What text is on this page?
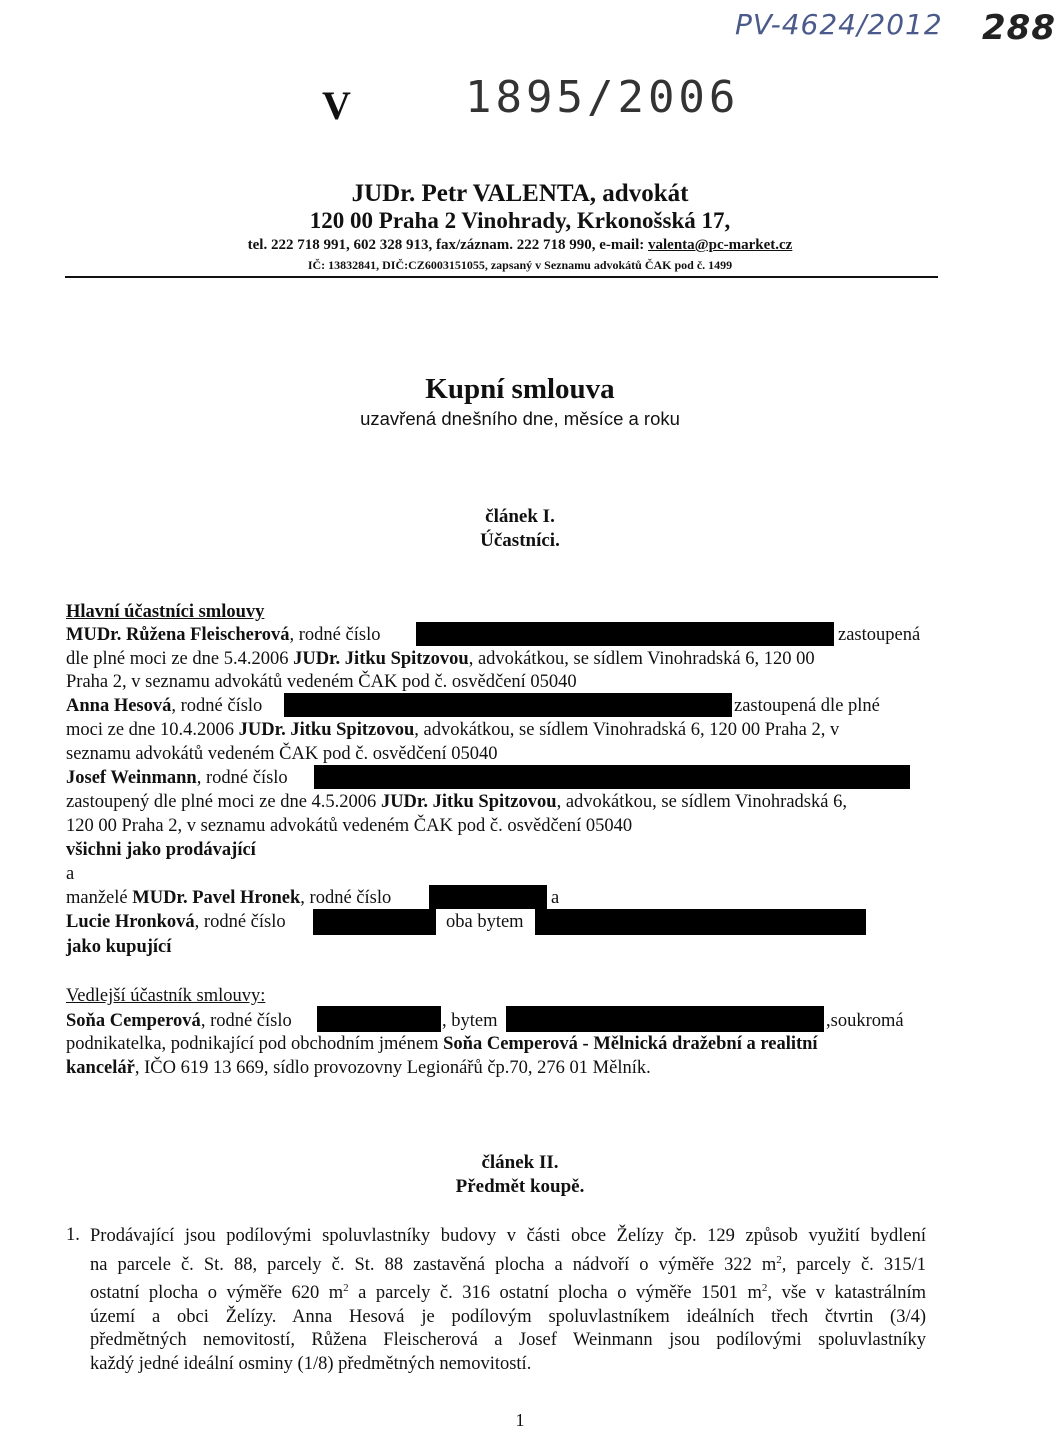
PV-4624/2012 288
V	1895/2006
JUDr. Petr VALENTA, advokát
120 00 Praha 2 Vinohrady, Krkonošská 17,
tel. 222 718 991, 602 328 913, fax/záznam. 222 718 990, e-mail: valenta@pc-market.cz
IČ: 13832841, DIČ:CZ6003151055, zapsaný v Seznamu advokátů ČAK pod č. 1499
Kupní smlouva
uzavřená dnešního dne, měsíce a roku
článek I.
Účastníci.
Hlavní účastníci smlouvy
MUDr. Růžena Fleischerová, rodné číslo	zastoupená
dle plné moci ze dne 5.4.2006 JUDr. Jitku Spitzovou, advokátkou, se sídlem Vinohradská 6, 120 00
Praha 2, v seznamu advokátů vedeném ČAK pod č. osvědčení 05040
Anna Hesová, rodné číslo	zastoupená dle plné
moci ze dne 10.4.2006 JUDr. Jitku Spitzovou, advokátkou, se sídlem Vinohradská 6, 120 00 Praha 2, v
seznamu advokátů vedeném ČAK pod č. osvědčení 05040
Josef Weinmann, rodné číslo
zastoupený dle plné moci ze dne 4.5.2006 JUDr. Jitku Spitzovou, advokátkou, se sídlem Vinohradská 6,
120 00 Praha 2, v seznamu advokátů vedeném ČAK pod č. osvědčení 05040
všichni jako prodávající
a
manželé MUDr. Pavel Hronek, rodné číslo	a
Lucie Hronková, rodné číslo	oba bytem
jako kupující
Vedlejší účastník smlouvy:
Soňa Cemperová, rodné číslo	, bytem	,soukromá
podnikatelka, podnikající pod obchodním jménem Soňa Cemperová - Mělnická dražební a realitní
kancelář, IČO 619 13 669, sídlo provozovny Legionářů čp.70, 276 01 Mělník.
článek II.
Předmět koupě.
1. Prodávající jsou podílovými spoluvlastníky budovy v části obce Želízy čp. 129 způsob využití bydlení
na parcele č. St. 88, parcely č. St. 88 zastavěná plocha a nádvoří o výměře 322 $m^2$, parcely č. 315/1
ostatní plocha o výměře 620 $m^2$ a parcely č. 316 ostatní plocha o výměře 1501 $m^2$, vše v katastrálním
území a obci Želízy. Anna Hesová je podílovým spoluvlastníkem ideálních třech čtvrtin (3/4)
předmětných nemovitostí, Růžena Fleischerová a Josef Weinmann jsou podílovými spoluvlastníky
každý jedné ideální osminy (1/8) předmětných nemovitostí.
1
